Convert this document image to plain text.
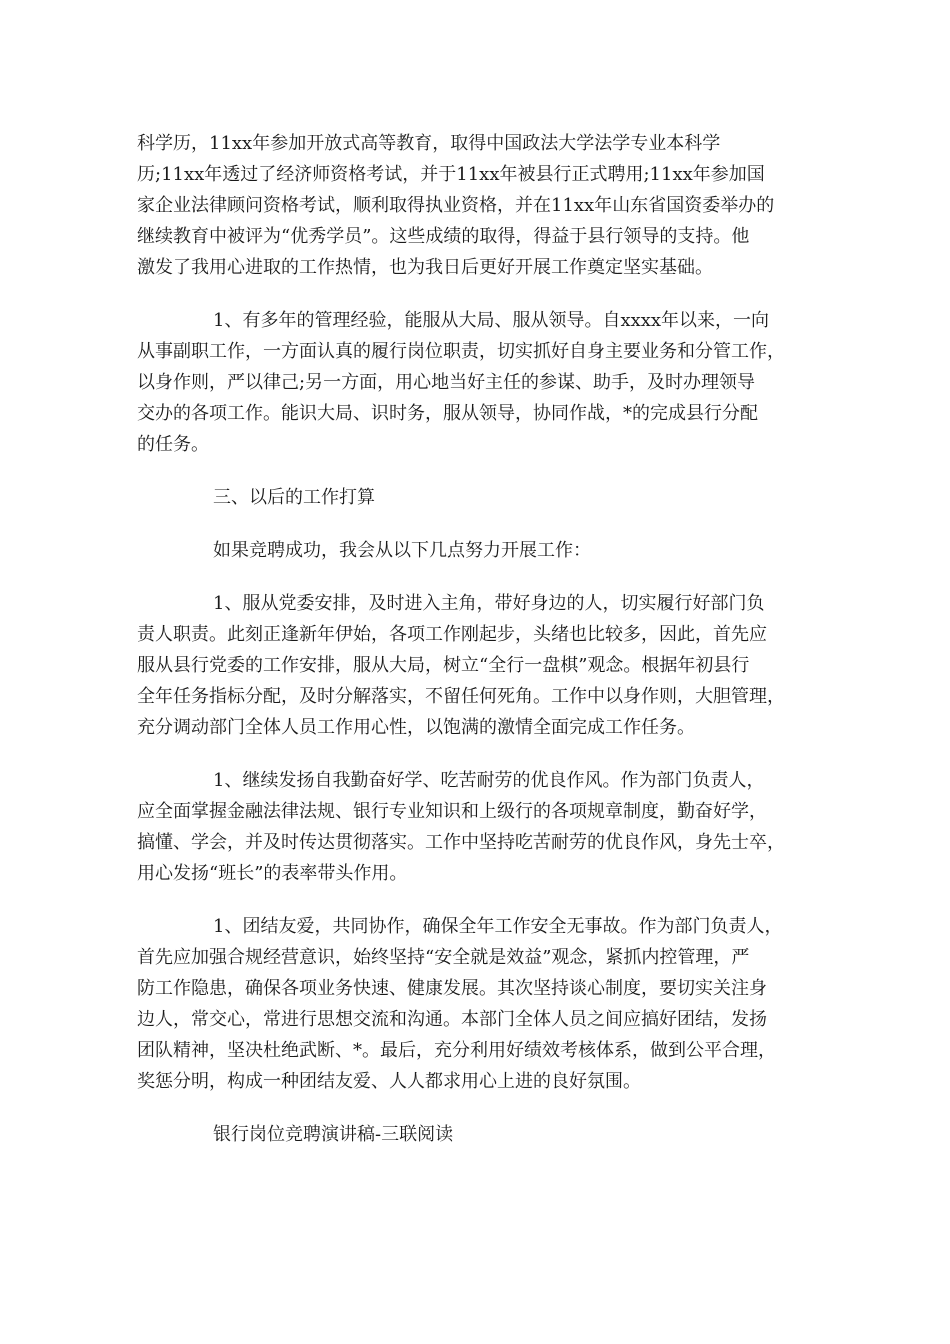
科学历，11xx年参加开放式高等教育，取得中国政法大学法学专业本科学
历;11xx年透过了经济师资格考试，并于11xx年被县行正式聘用;11xx年参加国
家企业法律顾问资格考试，顺利取得执业资格，并在11xx年山东省国资委举办的
继续教育中被评为“优秀学员”。这些成绩的取得，得益于县行领导的支持。他
激发了我用心进取的工作热情，也为我日后更好开展工作奠定坚实基础。

1、有多年的管理经验，能服从大局、服从领导。自xxxx年以来，一向
从事副职工作，一方面认真的履行岗位职责，切实抓好自身主要业务和分管工作，
以身作则，严以律己;另一方面，用心地当好主任的参谋、助手，及时办理领导
交办的各项工作。能识大局、识时务，服从领导，协同作战，*的完成县行分配
的任务。

三、以后的工作打算

如果竞聘成功，我会从以下几点努力开展工作：

1、服从党委安排，及时进入主角，带好身边的人，切实履行好部门负
责人职责。此刻正逢新年伊始，各项工作刚起步，头绪也比较多，因此，首先应
服从县行党委的工作安排，服从大局，树立“全行一盘棋”观念。根据年初县行
全年任务指标分配，及时分解落实，不留任何死角。工作中以身作则，大胆管理，
充分调动部门全体人员工作用心性，以饱满的激情全面完成工作任务。

1、继续发扬自我勤奋好学、吃苦耐劳的优良作风。作为部门负责人，
应全面掌握金融法律法规、银行专业知识和上级行的各项规章制度，勤奋好学，
搞懂、学会，并及时传达贯彻落实。工作中坚持吃苦耐劳的优良作风，身先士卒，
用心发扬“班长”的表率带头作用。

1、团结友爱，共同协作，确保全年工作安全无事故。作为部门负责人，
首先应加强合规经营意识，始终坚持“安全就是效益”观念，紧抓内控管理，严
防工作隐患，确保各项业务快速、健康发展。其次坚持谈心制度，要切实关注身
边人，常交心，常进行思想交流和沟通。本部门全体人员之间应搞好团结，发扬
团队精神，坚决杜绝武断、*。最后，充分利用好绩效考核体系，做到公平合理，
奖惩分明，构成一种团结友爱、人人都求用心上进的良好氛围。

银行岗位竞聘演讲稿-三联阅读
